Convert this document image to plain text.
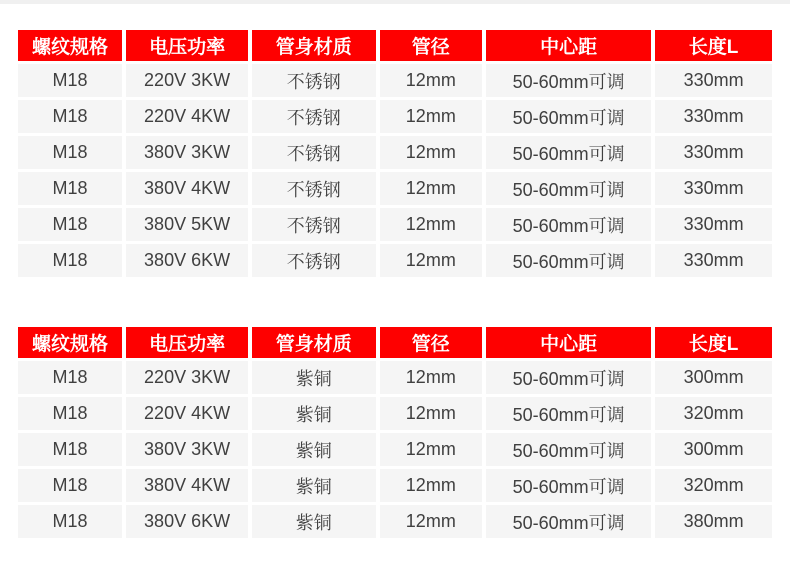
螺纹规格	电压功率	管身材质	管径	中心距	长度L
M18	220V 3KW	不锈钢	12mm	50-60mm可调	330mm
M18	220V 4KW	不锈钢	12mm	50-60mm可调	330mm
M18	380V 3KW	不锈钢	12mm	50-60mm可调	330mm
M18	380V 4KW	不锈钢	12mm	50-60mm可调	330mm
M18	380V 5KW	不锈钢	12mm	50-60mm可调	330mm
M18	380V 6KW	不锈钢	12mm	50-60mm可调	330mm
螺纹规格	电压功率	管身材质	管径	中心距	长度L
M18	220V 3KW	紫铜	12mm	50-60mm可调	300mm
M18	220V 4KW	紫铜	12mm	50-60mm可调	320mm
M18	380V 3KW	紫铜	12mm	50-60mm可调	300mm
M18	380V 4KW	紫铜	12mm	50-60mm可调	320mm
M18	380V 6KW	紫铜	12mm	50-60mm可调	380mm
